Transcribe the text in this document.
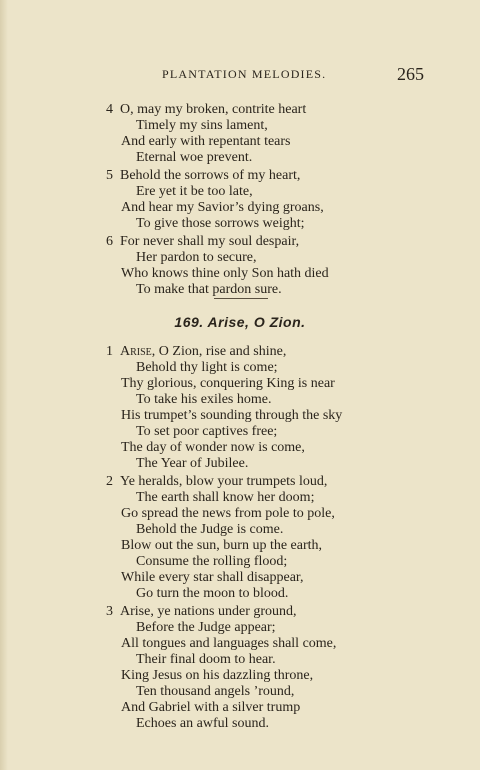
PLANTATION MELODIES.	265
4 O, may my broken, contrite heart
Timely my sins lament,
And early with repentant tears
Eternal woe prevent.
5 Behold the sorrows of my heart,
Ere yet it be too late,
And hear my Savior’s dying groans,
To give those sorrows weight;
6 For never shall my soul despair,
Her pardon to secure,
Who knows thine only Son hath died
To make that pardon sure.
169. Arise, O Zion.
1 Arise, O Zion, rise and shine,
Behold thy light is come;
Thy glorious, conquering King is near
To take his exiles home.
His trumpet’s sounding through the sky
To set poor captives free;
The day of wonder now is come,
The Year of Jubilee.
2 Ye heralds, blow your trumpets loud,
The earth shall know her doom;
Go spread the news from pole to pole,
Behold the Judge is come.
Blow out the sun, burn up the earth,
Consume the rolling flood;
While every star shall disappear,
Go turn the moon to blood.
3 Arise, ye nations under ground,
Before the Judge appear;
All tongues and languages shall come,
Their final doom to hear.
King Jesus on his dazzling throne,
Ten thousand angels ’round,
And Gabriel with a silver trump
Echoes an awful sound.
